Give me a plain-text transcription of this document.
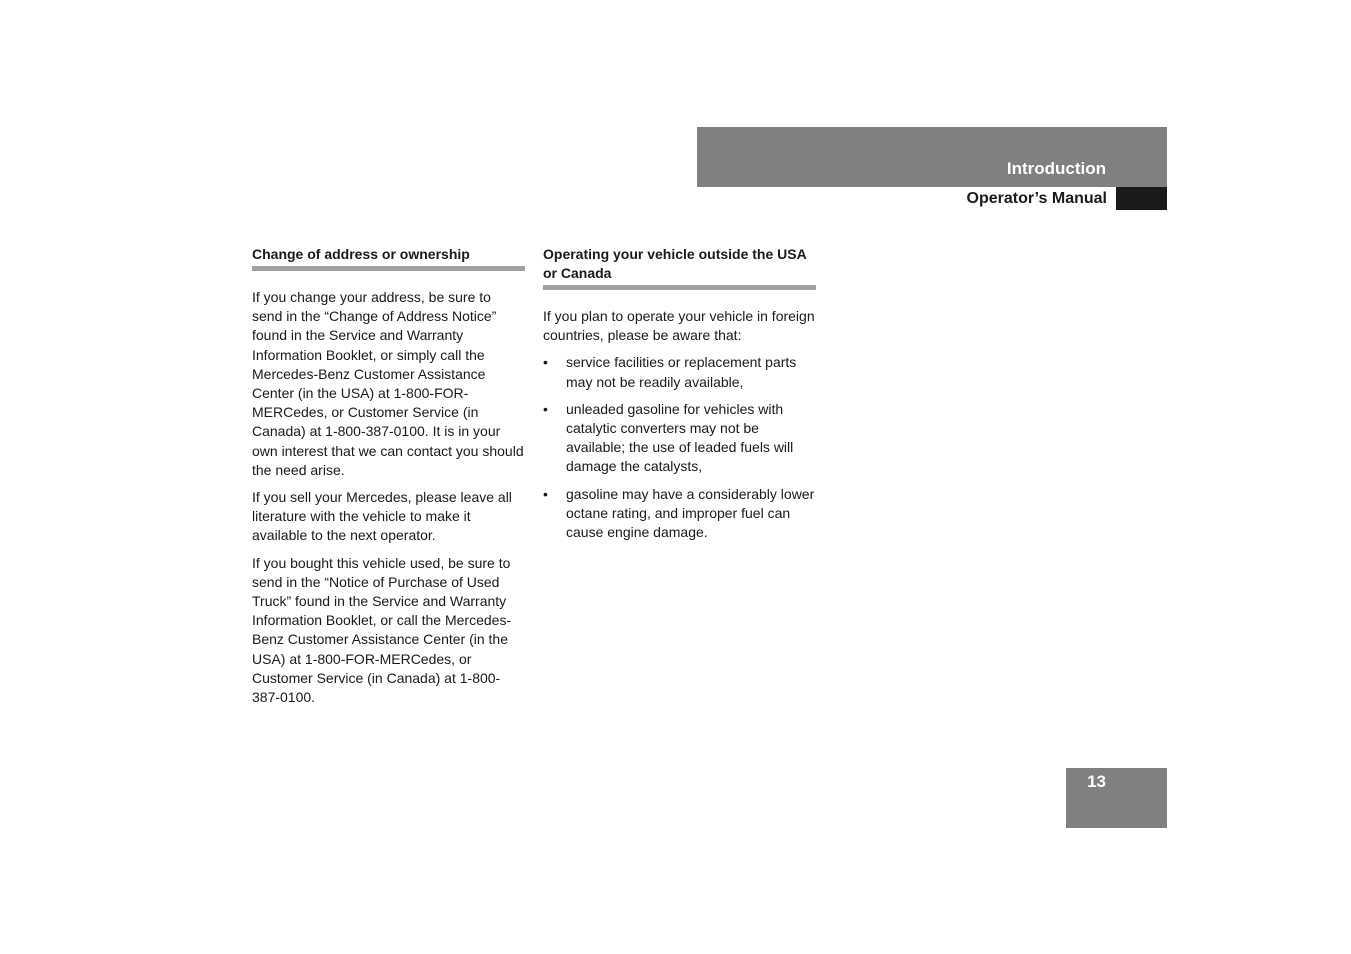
Introduction
Operator’s Manual
Change of address or ownership

If you change your address, be sure to send in the “Change of Address Notice” found in the Service and Warranty Information Booklet, or simply call the Mercedes-Benz Customer Assistance Center (in the USA) at 1-800-FOR-MERCedes, or Customer Service (in Canada) at 1-800-387-0100. It is in your own interest that we can contact you should the need arise.

If you sell your Mercedes, please leave all literature with the vehicle to make it available to the next operator.

If you bought this vehicle used, be sure to send in the “Notice of Purchase of Used Truck” found in the Service and Warranty Information Booklet, or call the Mercedes-Benz Customer Assistance Center (in the USA) at 1-800-FOR-MERCedes, or Customer Service (in Canada) at 1-800-387-0100.

Operating your vehicle outside the USA or Canada

If you plan to operate your vehicle in foreign countries, please be aware that:

• service facilities or replacement parts may not be readily available,
• unleaded gasoline for vehicles with catalytic converters may not be available; the use of leaded fuels will damage the catalysts,
• gasoline may have a considerably lower octane rating, and improper fuel can cause engine damage.
13
